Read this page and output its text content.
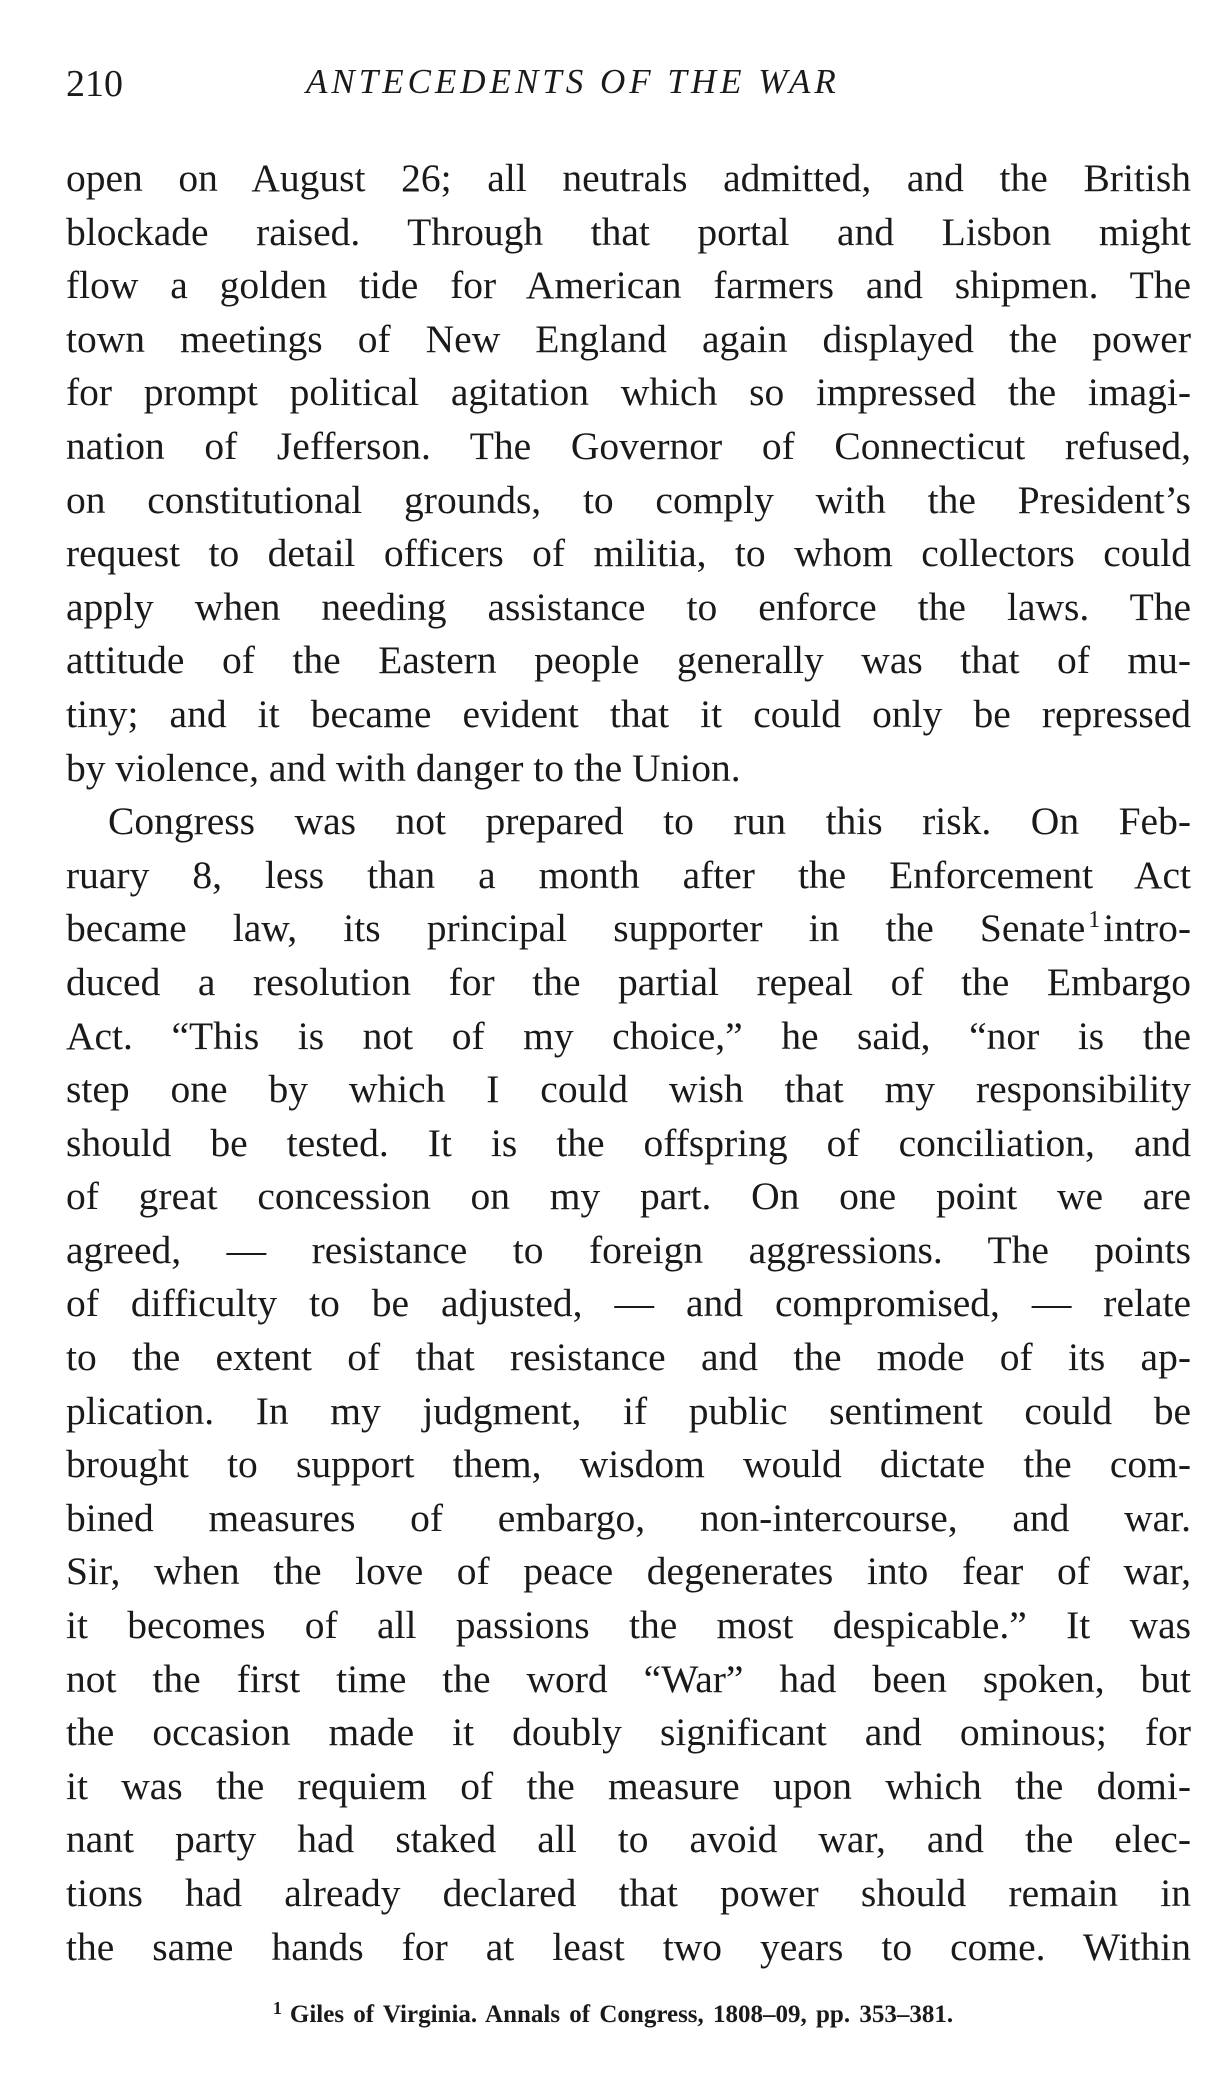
210	ANTECEDENTS OF THE WAR
open on August 26; all neutrals admitted, and the British
blockade raised. Through that portal and Lisbon might
flow a golden tide for American farmers and shipmen. The
town meetings of New England again displayed the power
for prompt political agitation which so impressed the imagi-
nation of Jefferson. The Governor of Connecticut refused,
on constitutional grounds, to comply with the President’s
request to detail officers of militia, to whom collectors could
apply when needing assistance to enforce the laws. The
attitude of the Eastern people generally was that of mu-
tiny; and it became evident that it could only be repressed
by violence, and with danger to the Union.
Congress was not prepared to run this risk. On Feb-
ruary 8, less than a month after the Enforcement Act
became law, its principal supporter in the Senate $^1$intro-
duced a resolution for the partial repeal of the Embargo
Act. “This is not of my choice,” he said, “nor is the
step one by which I could wish that my responsibility
should be tested. It is the offspring of conciliation, and
of great concession on my part. On one point we are
agreed, — resistance to foreign aggressions. The points
of difficulty to be adjusted, — and compromised, — relate
to the extent of that resistance and the mode of its ap-
plication. In my judgment, if public sentiment could be
brought to support them, wisdom would dictate the com-
bined measures of embargo, non-intercourse, and war.
Sir, when the love of peace degenerates into fear of war,
it becomes of all passions the most despicable.” It was
not the first time the word “War” had been spoken, but
the occasion made it doubly significant and ominous; for
it was the requiem of the measure upon which the domi-
nant party had staked all to avoid war, and the elec-
tions had already declared that power should remain in
the same hands for at least two years to come. Within
$^1$ Giles of Virginia. Annals of Congress, 1808–09, pp. 353–381.
